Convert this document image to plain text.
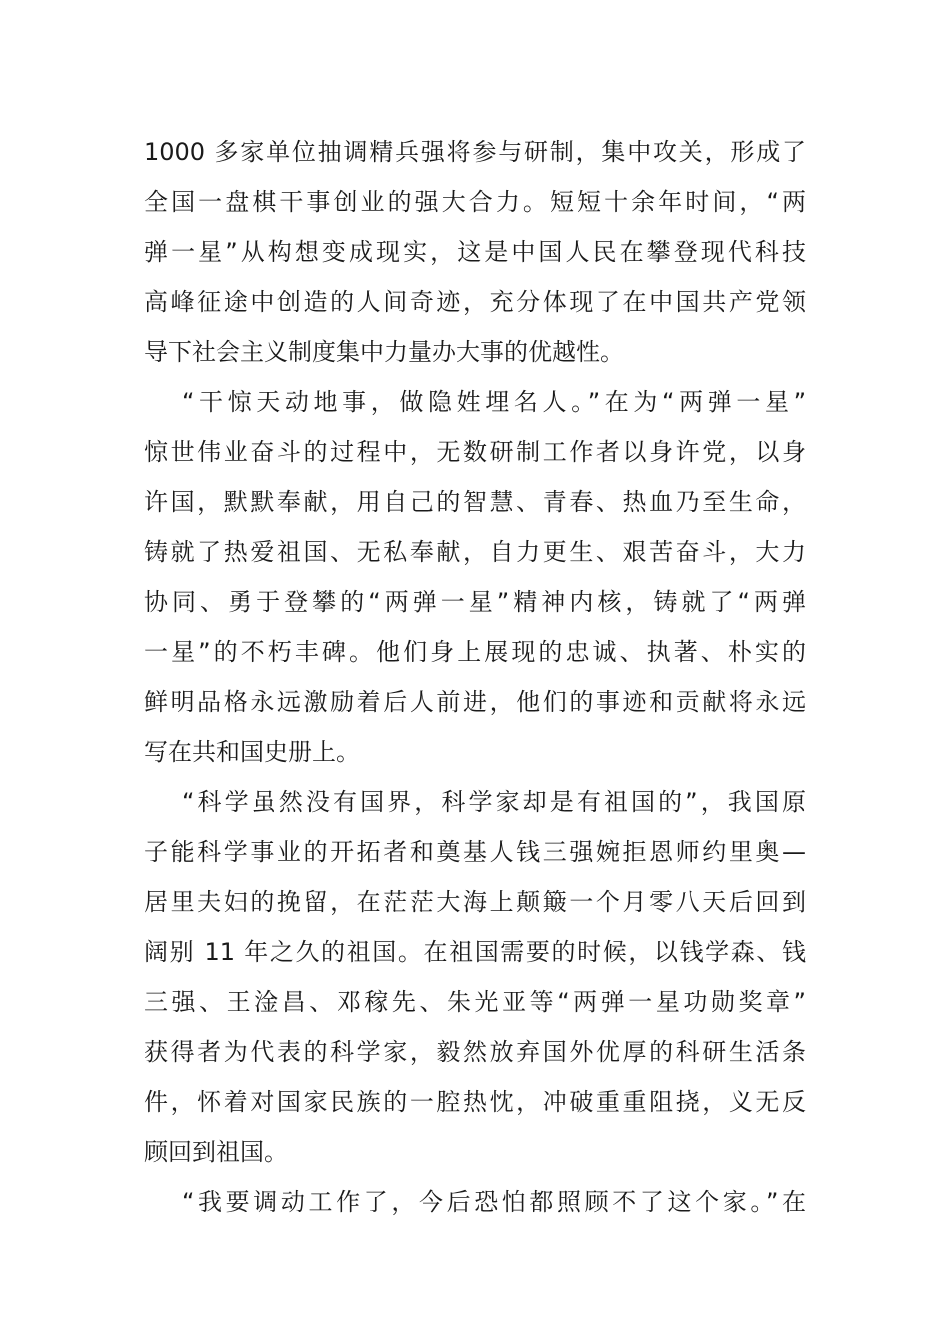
1000 多家单位抽调精兵强将参与研制，集中攻关，形成了
全国一盘棋干事创业的强大合力。短短十余年时间，“两
弹一星”从构想变成现实，这是中国人民在攀登现代科技
高峰征途中创造的人间奇迹，充分体现了在中国共产党领
导下社会主义制度集中力量办大事的优越性。
“干惊天动地事，做隐姓埋名人。”在为“两弹一星”
惊世伟业奋斗的过程中，无数研制工作者以身许党，以身
许国，默默奉献，用自己的智慧、青春、热血乃至生命，
铸就了热爱祖国、无私奉献，自力更生、艰苦奋斗，大力
协同、勇于登攀的“两弹一星”精神内核，铸就了“两弹
一星”的不朽丰碑。他们身上展现的忠诚、执著、朴实的
鲜明品格永远激励着后人前进，他们的事迹和贡献将永远
写在共和国史册上。
“科学虽然没有国界，科学家却是有祖国的”，我国原
子能科学事业的开拓者和奠基人钱三强婉拒恩师约里奥—
居里夫妇的挽留，在茫茫大海上颠簸一个月零八天后回到
阔别 11 年之久的祖国。在祖国需要的时候，以钱学森、钱
三强、王淦昌、邓稼先、朱光亚等“两弹一星功勋奖章”
获得者为代表的科学家，毅然放弃国外优厚的科研生活条
件，怀着对国家民族的一腔热忱，冲破重重阻挠，义无反
顾回到祖国。
“我要调动工作了，今后恐怕都照顾不了这个家。”在
